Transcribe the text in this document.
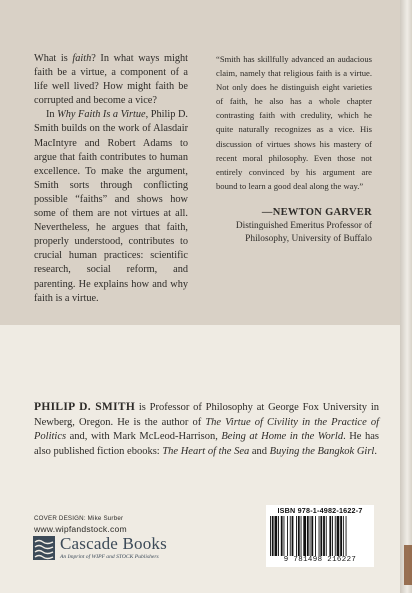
What is faith? In what ways might faith be a virtue, a component of a life well lived? How might faith be corrupted and become a vice?

In Why Faith Is a Virtue, Philip D. Smith builds on the work of Alasdair MacIntyre and Robert Adams to argue that faith contributes to human excellence. To make the argument, Smith sorts through conflicting possible “faiths” and shows how some of them are not virtues at all. Nevertheless, he argues that faith, properly understood, contributes to crucial human practices: scientific research, social reform, and parenting. He explains how and why faith is a virtue.

“Smith has skillfully advanced an audacious claim, namely that religious faith is a virtue. Not only does he distinguish eight varieties of faith, he also has a whole chapter contrasting faith with credulity, which he quite naturally recognizes as a vice. His discussion of virtues shows his mastery of recent moral philosophy. Even those not entirely convinced by his argument are bound to learn a good deal along the way.”

—NEWTON GARVER
Distinguished Emeritus Professor of Philosophy, University of Buffalo
PHILIP D. SMITH is Professor of Philosophy at George Fox University in Newberg, Oregon. He is the author of The Virtue of Civility in the Practice of Politics and, with Mark McLeod-Harrison, Being at Home in the World. He has also published fiction ebooks: The Heart of the Sea and Buying the Bangkok Girl.
COVER DESIGN: Mike Surber
www.wipfandstock.com
Cascade Books
An Imprint of WIPF and STOCK Publishers
ISBN 978-1-4982-1622-7
9 781498 216227
